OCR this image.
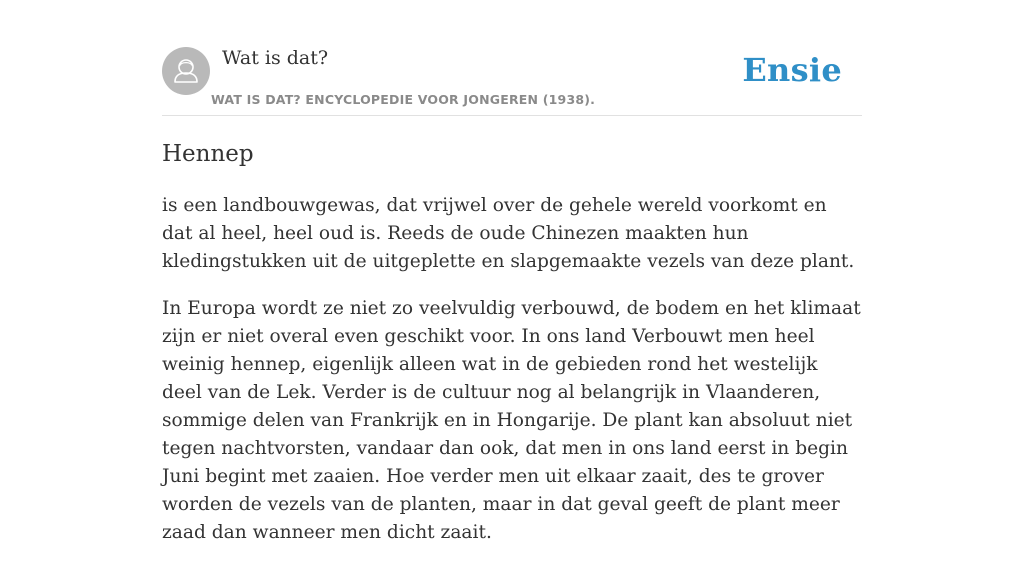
Wat is dat?
WAT IS DAT? ENCYCLOPEDIE VOOR JONGEREN (1938).
Ensie
Hennep

is een landbouwgewas, dat vrijwel over de gehele wereld voorkomt en dat al heel, heel oud is. Reeds de oude Chinezen maakten hun kledingstukken uit de uitgeplette en slapgemaakte vezels van deze plant.

In Europa wordt ze niet zo veelvuldig verbouwd, de bodem en het klimaat zijn er niet overal even geschikt voor. In ons land Verbouwt men heel weinig hennep, eigenlijk alleen wat in de gebieden rond het westelijk deel van de Lek. Verder is de cultuur nog al belangrijk in Vlaanderen, sommige delen van Frankrijk en in Hongarije. De plant kan absoluut niet tegen nachtvorsten, vandaar dan ook, dat men in ons land eerst in begin Juni begint met zaaien. Hoe verder men uit elkaar zaait, des te grover worden de vezels van de planten, maar in dat geval geeft de plant meer zaad dan wanneer men dicht zaait.
